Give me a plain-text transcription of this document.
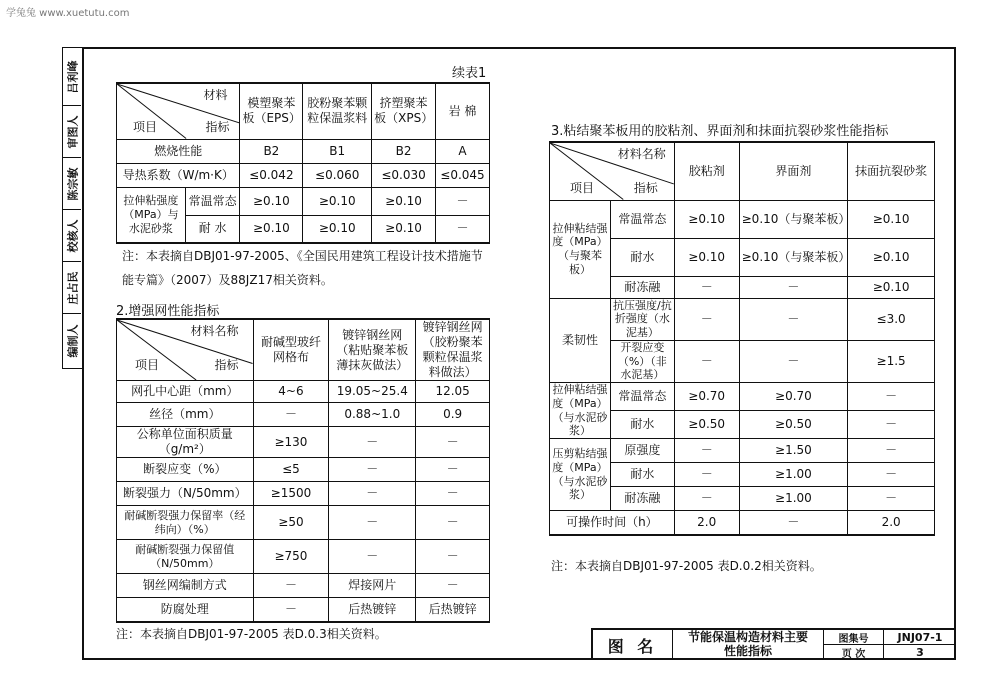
学兔兔 www.xuetutu.com
吕利峰
审图人
陈宗敏
校核人
庄占民
编制人
续表1
材料
指标
项目		模塑聚苯板（EPS）	胶粉聚苯颗粒保温浆料	挤塑聚苯板（XPS）	岩 棉
燃烧性能		B2	B1	B2	A
导热系数（W/m·K）		≤0.042	≤0.060	≤0.030	≤0.045
拉伸粘强度（MPa）与水泥砂浆	常温常态	≥0.10	≥0.10	≥0.10	－
	耐 水	≥0.10	≥0.10	≥0.10	－
注：本表摘自DBJ01-97-2005、《全国民用建筑工程设计技术措施节能专篇》（2007）及88JZ17相关资料。
2.增强网性能指标
材料名称
指标
项目	耐碱型玻纤网格布	镀锌钢丝网（粘贴聚苯板薄抹灰做法）	镀锌钢丝网（胶粉聚苯颗粒保温浆料做法）
网孔中心距（mm）	4~6	19.05~25.4	12.05
丝径（mm）	－	0.88~1.0	0.9
公称单位面积质量（g/m²）	≥130	－	－
断裂应变（%）	≤5	－	－
断裂强力（N/50mm）	≥1500	－	－
耐碱断裂强力保留率（经纬向）（%）	≥50	－	－
耐碱断裂强力保留值（N/50mm）	≥750	－	－
钢丝网编制方式	－	焊接网片	－
防腐处理	－	后热镀锌	后热镀锌
注：本表摘自DBJ01-97-2005 表D.0.3相关资料。
3.粘结聚苯板用的胶粘剂、界面剂和抹面抗裂砂浆性能指标
材料名称
指标
项目		胶粘剂	界面剂	抹面抗裂砂浆
拉伸粘结强度（MPa）（与聚苯板）	常温常态	≥0.10	≥0.10（与聚苯板）	≥0.10
	耐水	≥0.10	≥0.10（与聚苯板）	≥0.10
	耐冻融	－	－	≥0.10
柔韧性	抗压强度/抗折强度（水泥基）	－	－	≤3.0
	开裂应变（%）（非水泥基）	－	－	≥1.5
拉伸粘结强度（MPa）（与水泥砂浆）	常温常态	≥0.70	≥0.70	－
	耐水	≥0.50	≥0.50	－
压剪粘结强度（MPa）（与水泥砂浆）	原强度	－	≥1.50	－
	耐水	－	≥1.00	－
	耐冻融	－	≥1.00	－
可操作时间（h）		2.0	－	2.0
注：本表摘自DBJ01-97-2005 表D.0.2相关资料。
图 名	节能保温构造材料主要性能指标
图集号	JNJ07-1
页 次	3
